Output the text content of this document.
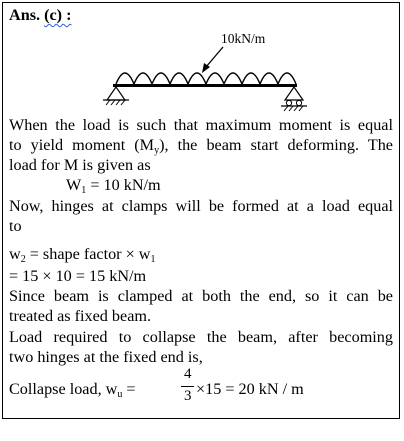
Ans. (c) :
10kN/m
When the load is such that maximum moment is equal
to yield moment $(M_y)$, the beam start deforming. The
load for M is given as
$W_1 = 10$ kN/m
Now, hinges at clamps will be formed at a load equal
to
$w_2$ = shape factor × $w_1$
= 15 × 10 = 15 kN/m
Since beam is clamped at both the end, so it can be
treated as fixed beam.
Load required to collapse the beam, after becoming
two hinges at the fixed end is,
Collapse load, $w_u$ =
4
3 ×15 = 20 kN / m
